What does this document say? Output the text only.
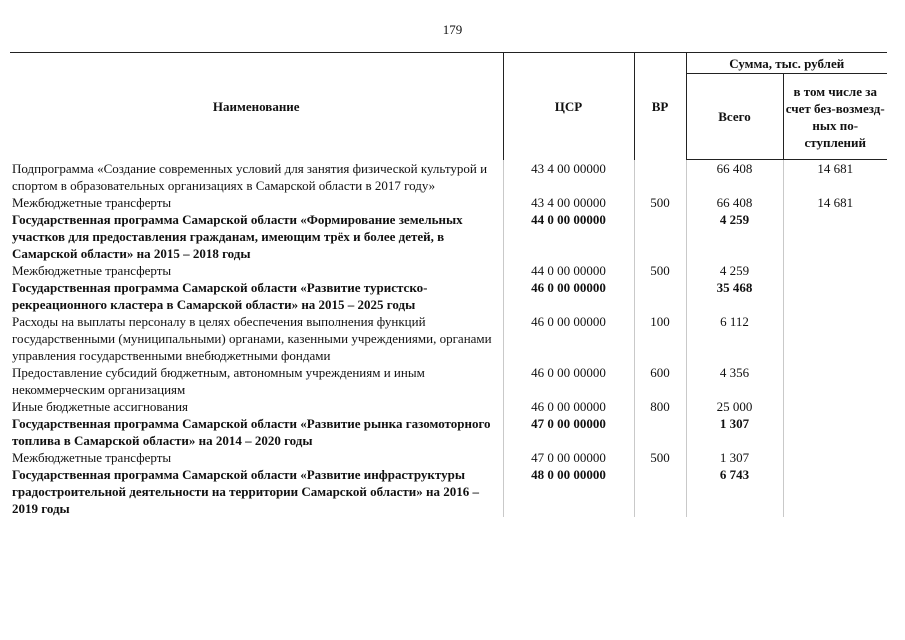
179
Наименование	ЦСР	ВР	Сумма, тыс. рублей	
			Всего	в том числе за счет без-возмезд-ных по-ступлений
Подпрограмма «Создание современных условий для занятия физической культурой и спортом в образовательных организациях в Самарской области в 2017 году»	43 4 00 00000		66 408	14 681
Межбюджетные трансферты	43 4 00 00000	500	66 408	14 681
Государственная программа Самарской области «Формирование земельных участков для предоставления гражданам, имеющим трёх и более детей, в Самарской области» на 2015 – 2018 годы	44 0 00 00000		4 259	
Межбюджетные трансферты	44 0 00 00000	500	4 259	
Государственная программа Самарской области «Развитие туристско-рекреационного кластера в Самарской области» на 2015 – 2025 годы	46 0 00 00000		35 468	
Расходы на выплаты персоналу в целях обеспечения выполнения функций государственными (муниципальными) органами, казенными учреждениями, органами управления государственными внебюджетными фондами	46 0 00 00000	100	6 112	
Предоставление субсидий бюджетным, автономным учреждениям и иным некоммерческим организациям	46 0 00 00000	600	4 356	
Иные бюджетные ассигнования	46 0 00 00000	800	25 000	
Государственная программа Самарской области «Развитие рынка газомоторного топлива в Самарской области» на 2014 – 2020 годы	47 0 00 00000		1 307	
Межбюджетные трансферты	47 0 00 00000	500	1 307	
Государственная программа Самарской области «Развитие инфраструктуры градостроительной деятельности на территории Самарской области» на 2016 – 2019 годы	48 0 00 00000		6 743	
